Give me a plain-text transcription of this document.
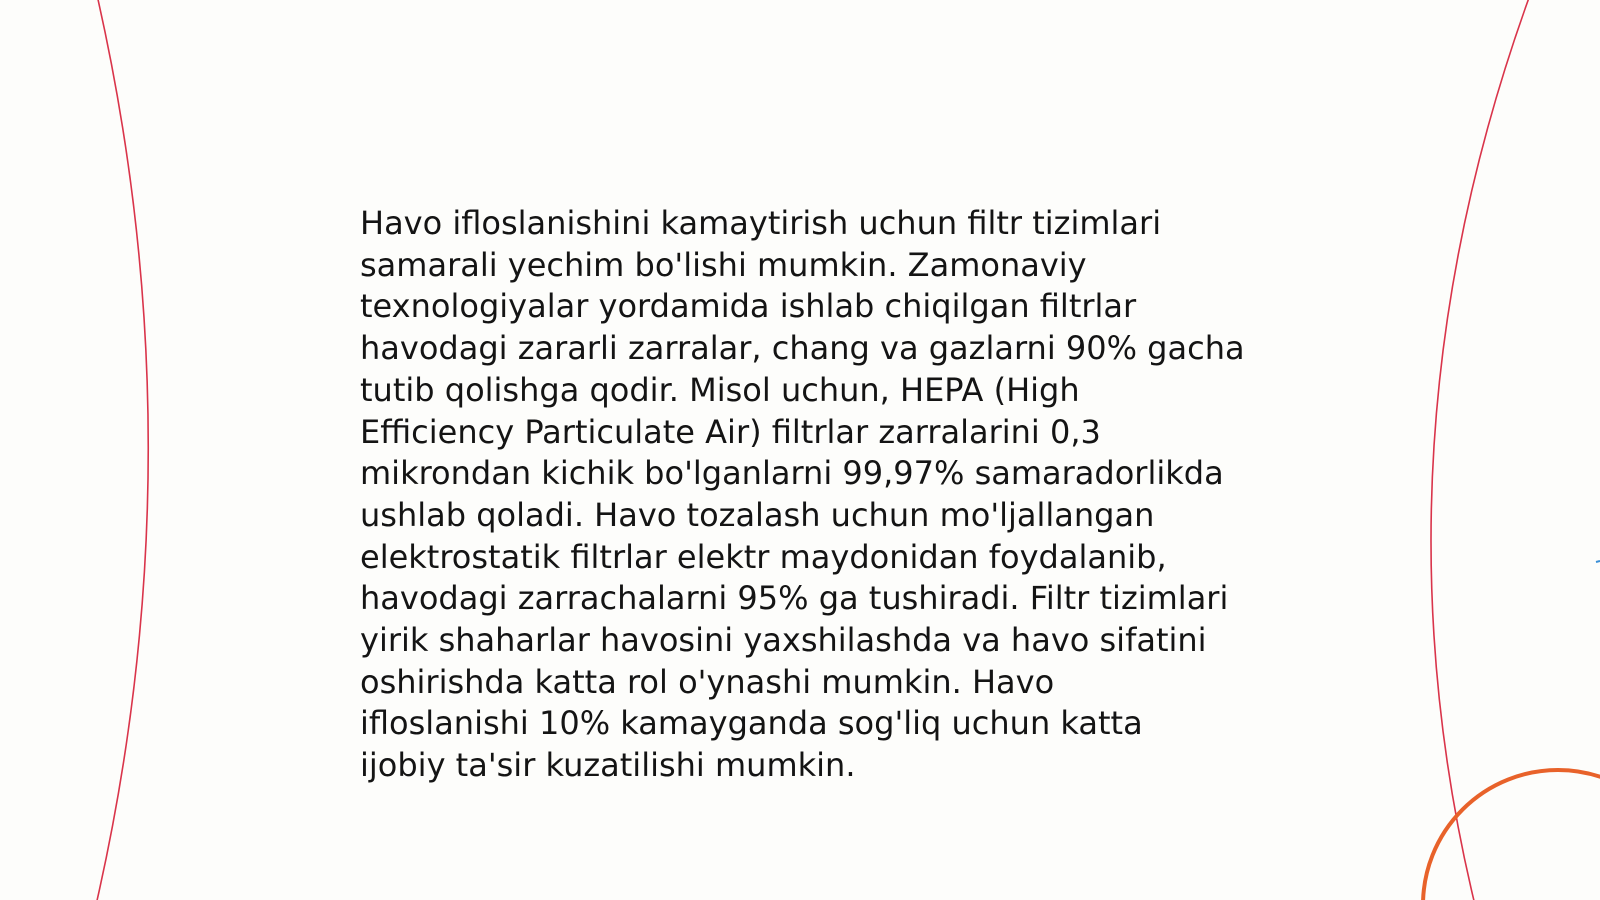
Havo ifloslanishini kamaytirish uchun filtr tizimlari
samarali yechim bo'lishi mumkin. Zamonaviy
texnologiyalar yordamida ishlab chiqilgan filtrlar
havodagi zararli zarralar, chang va gazlarni 90% gacha
tutib qolishga qodir. Misol uchun, HEPA (High
Efficiency Particulate Air) filtrlar zarralarini 0,3
mikrondan kichik bo'lganlarni 99,97% samaradorlikda
ushlab qoladi. Havo tozalash uchun mo'ljallangan
elektrostatik filtrlar elektr maydonidan foydalanib,
havodagi zarrachalarni 95% ga tushiradi. Filtr tizimlari
yirik shaharlar havosini yaxshilashda va havo sifatini
oshirishda katta rol o'ynashi mumkin. Havo
ifloslanishi 10% kamayganda sog'liq uchun katta
ijobiy ta'sir kuzatilishi mumkin.
